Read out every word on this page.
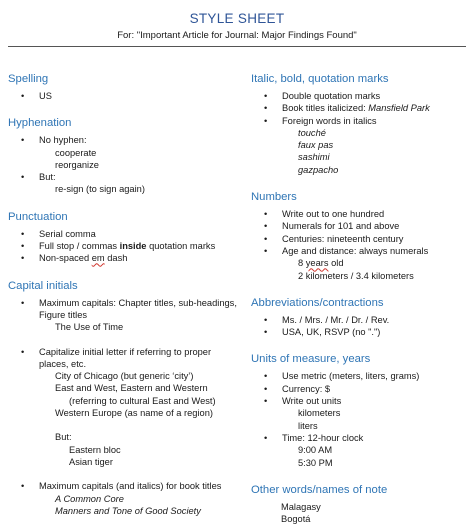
STYLE SHEET
For: "Important Article for Journal: Major Findings Found"
Spelling
• US
Hyphenation
• No hyphen:
cooperate
reorganize
• But:
re-sign (to sign again)
Punctuation
• Serial comma
• Full stop / commas inside quotation marks
• Non-spaced em dash
Capital initials
• Maximum capitals: Chapter titles, sub-headings, Figure titles
The Use of Time
• Capitalize initial letter if referring to proper places, etc.
City of Chicago (but generic ‘city’)
East and West, Eastern and Western
(referring to cultural East and West)
Western Europe (as name of a region)
But:
Eastern bloc
Asian tiger
• Maximum capitals (and italics) for book titles
A Common Core
Manners and Tone of Good Society
Italic, bold, quotation marks
• Double quotation marks
• Book titles italicized: Mansfield Park
• Foreign words in italics
touché
faux pas
sashimi
gazpacho
Numbers
• Write out to one hundred
• Numerals for 101 and above
• Centuries: nineteenth century
• Age and distance: always numerals
8 years old
2 kilometers / 3.4 kilometers
Abbreviations/contractions
• Ms. / Mrs. / Mr. / Dr. / Rev.
• USA, UK, RSVP (no ".")
Units of measure, years
• Use metric (meters, liters, grams)
• Currency: $
• Write out units
kilometers
liters
• Time: 12-hour clock
9:00 AM
5:30 PM
Other words/names of note
Malagasy
Bogotá
